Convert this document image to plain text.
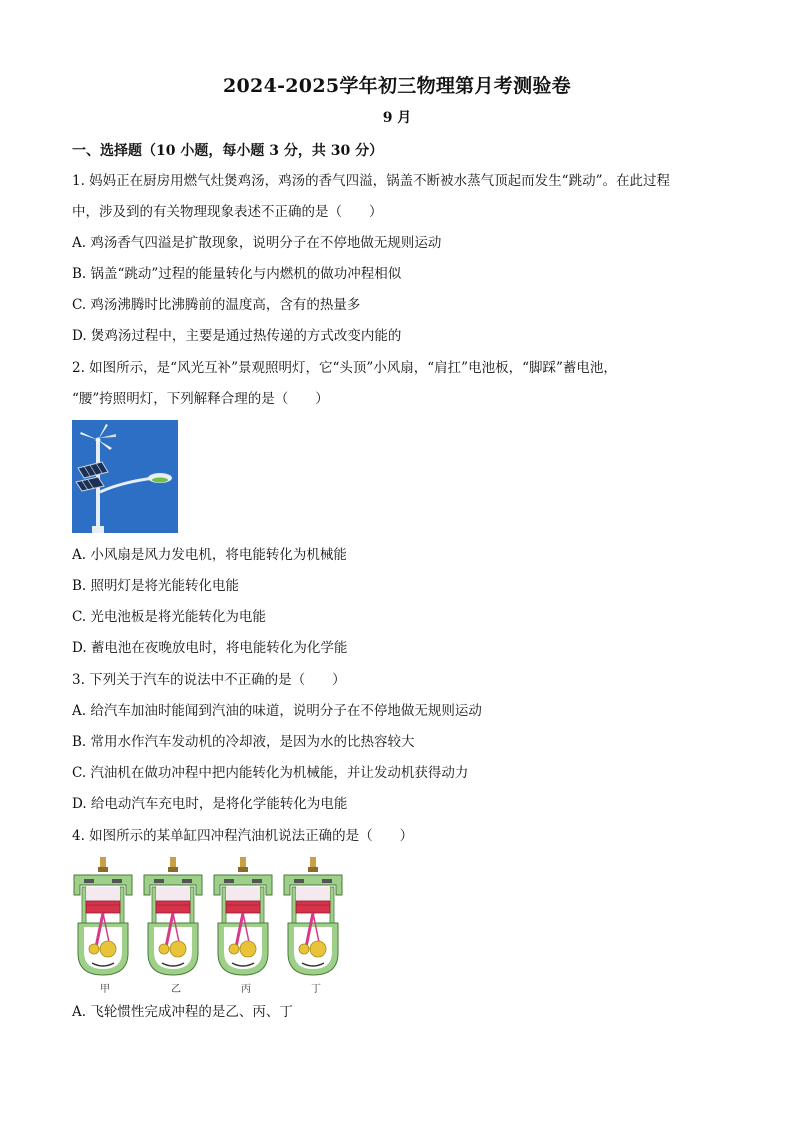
2024-2025学年初三物理第月考测验卷
9 月
一、选择题（10 小题，每小题 3 分，共 30 分）
1. 妈妈正在厨房用燃气灶煲鸡汤，鸡汤的香气四溢，锅盖不断被水蒸气顶起而发生“跳动”。在此过程
中，涉及到的有关物理现象表述不正确的是（　　）
A. 鸡汤香气四溢是扩散现象，说明分子在不停地做无规则运动
B. 锅盖“跳动”过程的能量转化与内燃机的做功冲程相似
C. 鸡汤沸腾时比沸腾前的温度高，含有的热量多
D. 煲鸡汤过程中，主要是通过热传递的方式改变内能的
2. 如图所示，是“风光互补”景观照明灯，它“头顶”小风扇，“肩扛”电池板，“脚踩”蓄电池，
“腰”挎照明灯，下列解释合理的是（　　）
A. 小风扇是风力发电机，将电能转化为机械能
B. 照明灯是将光能转化电能
C. 光电池板是将光能转化为电能
D. 蓄电池在夜晚放电时，将电能转化为化学能
3. 下列关于汽车的说法中不正确的是（　　）
A. 给汽车加油时能闻到汽油的味道，说明分子在不停地做无规则运动
B. 常用水作汽车发动机的冷却液，是因为水的比热容较大
C. 汽油机在做功冲程中把内能转化为机械能，并让发动机获得动力
D. 给电动汽车充电时，是将化学能转化为电能
4. 如图所示的某单缸四冲程汽油机说法正确的是（　　）
甲	乙	丙	丁
A. 飞轮惯性完成冲程的是乙、丙、丁
